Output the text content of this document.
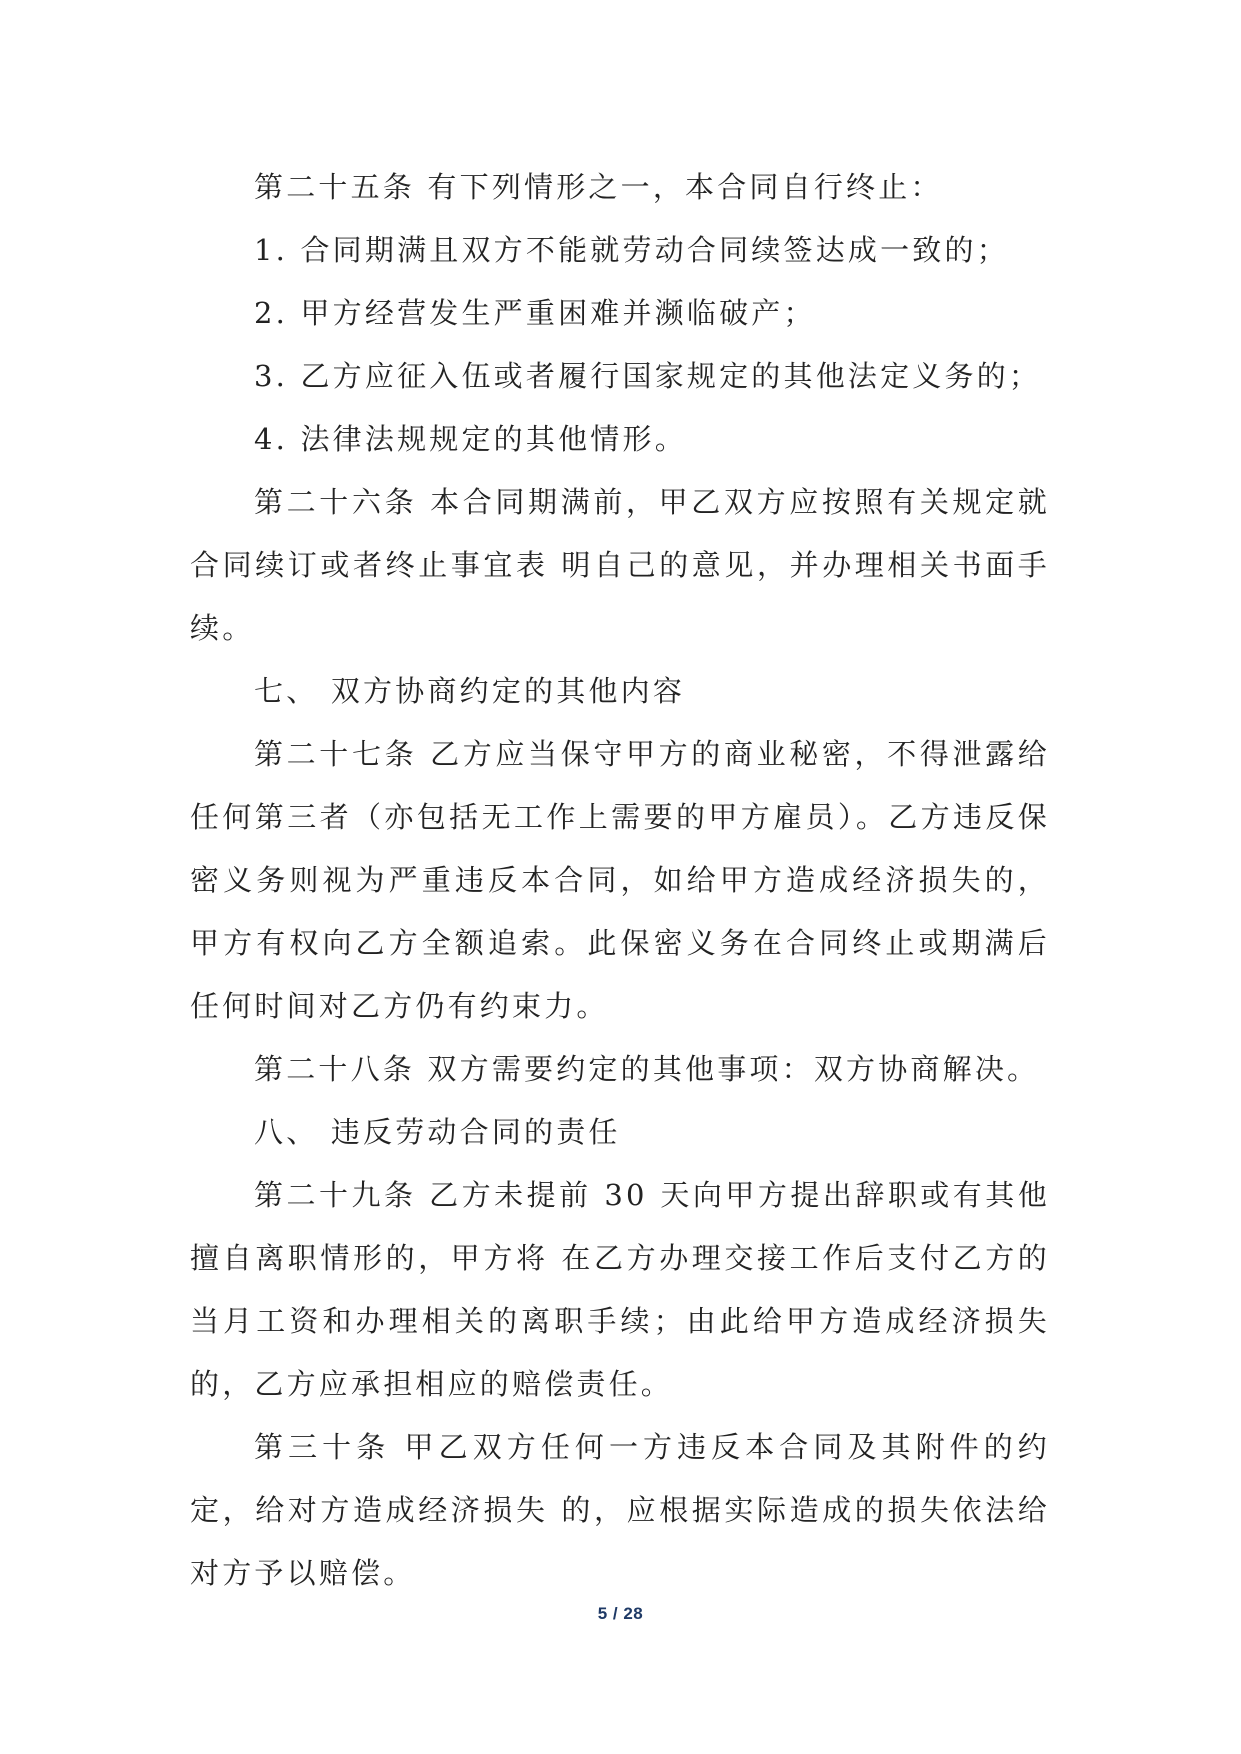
第二十五条 有下列情形之一，本合同自行终止：

1. 合同期满且双方不能就劳动合同续签达成一致的；

2. 甲方经营发生严重困难并濒临破产；

3. 乙方应征入伍或者履行国家规定的其他法定义务的；

4. 法律法规规定的其他情形。

第二十六条 本合同期满前，甲乙双方应按照有关规定就合同续订或者终止事宜表 明自己的意见，并办理相关书面手续。

七、 双方协商约定的其他内容

第二十七条 乙方应当保守甲方的商业秘密，不得泄露给任何第三者（亦包括无工作上需要的甲方雇员）。乙方违反保密义务则视为严重违反本合同，如给甲方造成经济损失的，甲方有权向乙方全额追索。此保密义务在合同终止或期满后任何时间对乙方仍有约束力。

第二十八条 双方需要约定的其他事项：双方协商解决。

八、 违反劳动合同的责任

第二十九条 乙方未提前 30 天向甲方提出辞职或有其他擅自离职情形的，甲方将 在乙方办理交接工作后支付乙方的当月工资和办理相关的离职手续；由此给甲方造成经济损失的，乙方应承担相应的赔偿责任。

第三十条 甲乙双方任何一方违反本合同及其附件的约定，给对方造成经济损失 的，应根据实际造成的损失依法给对方予以赔偿。

5 / 28
